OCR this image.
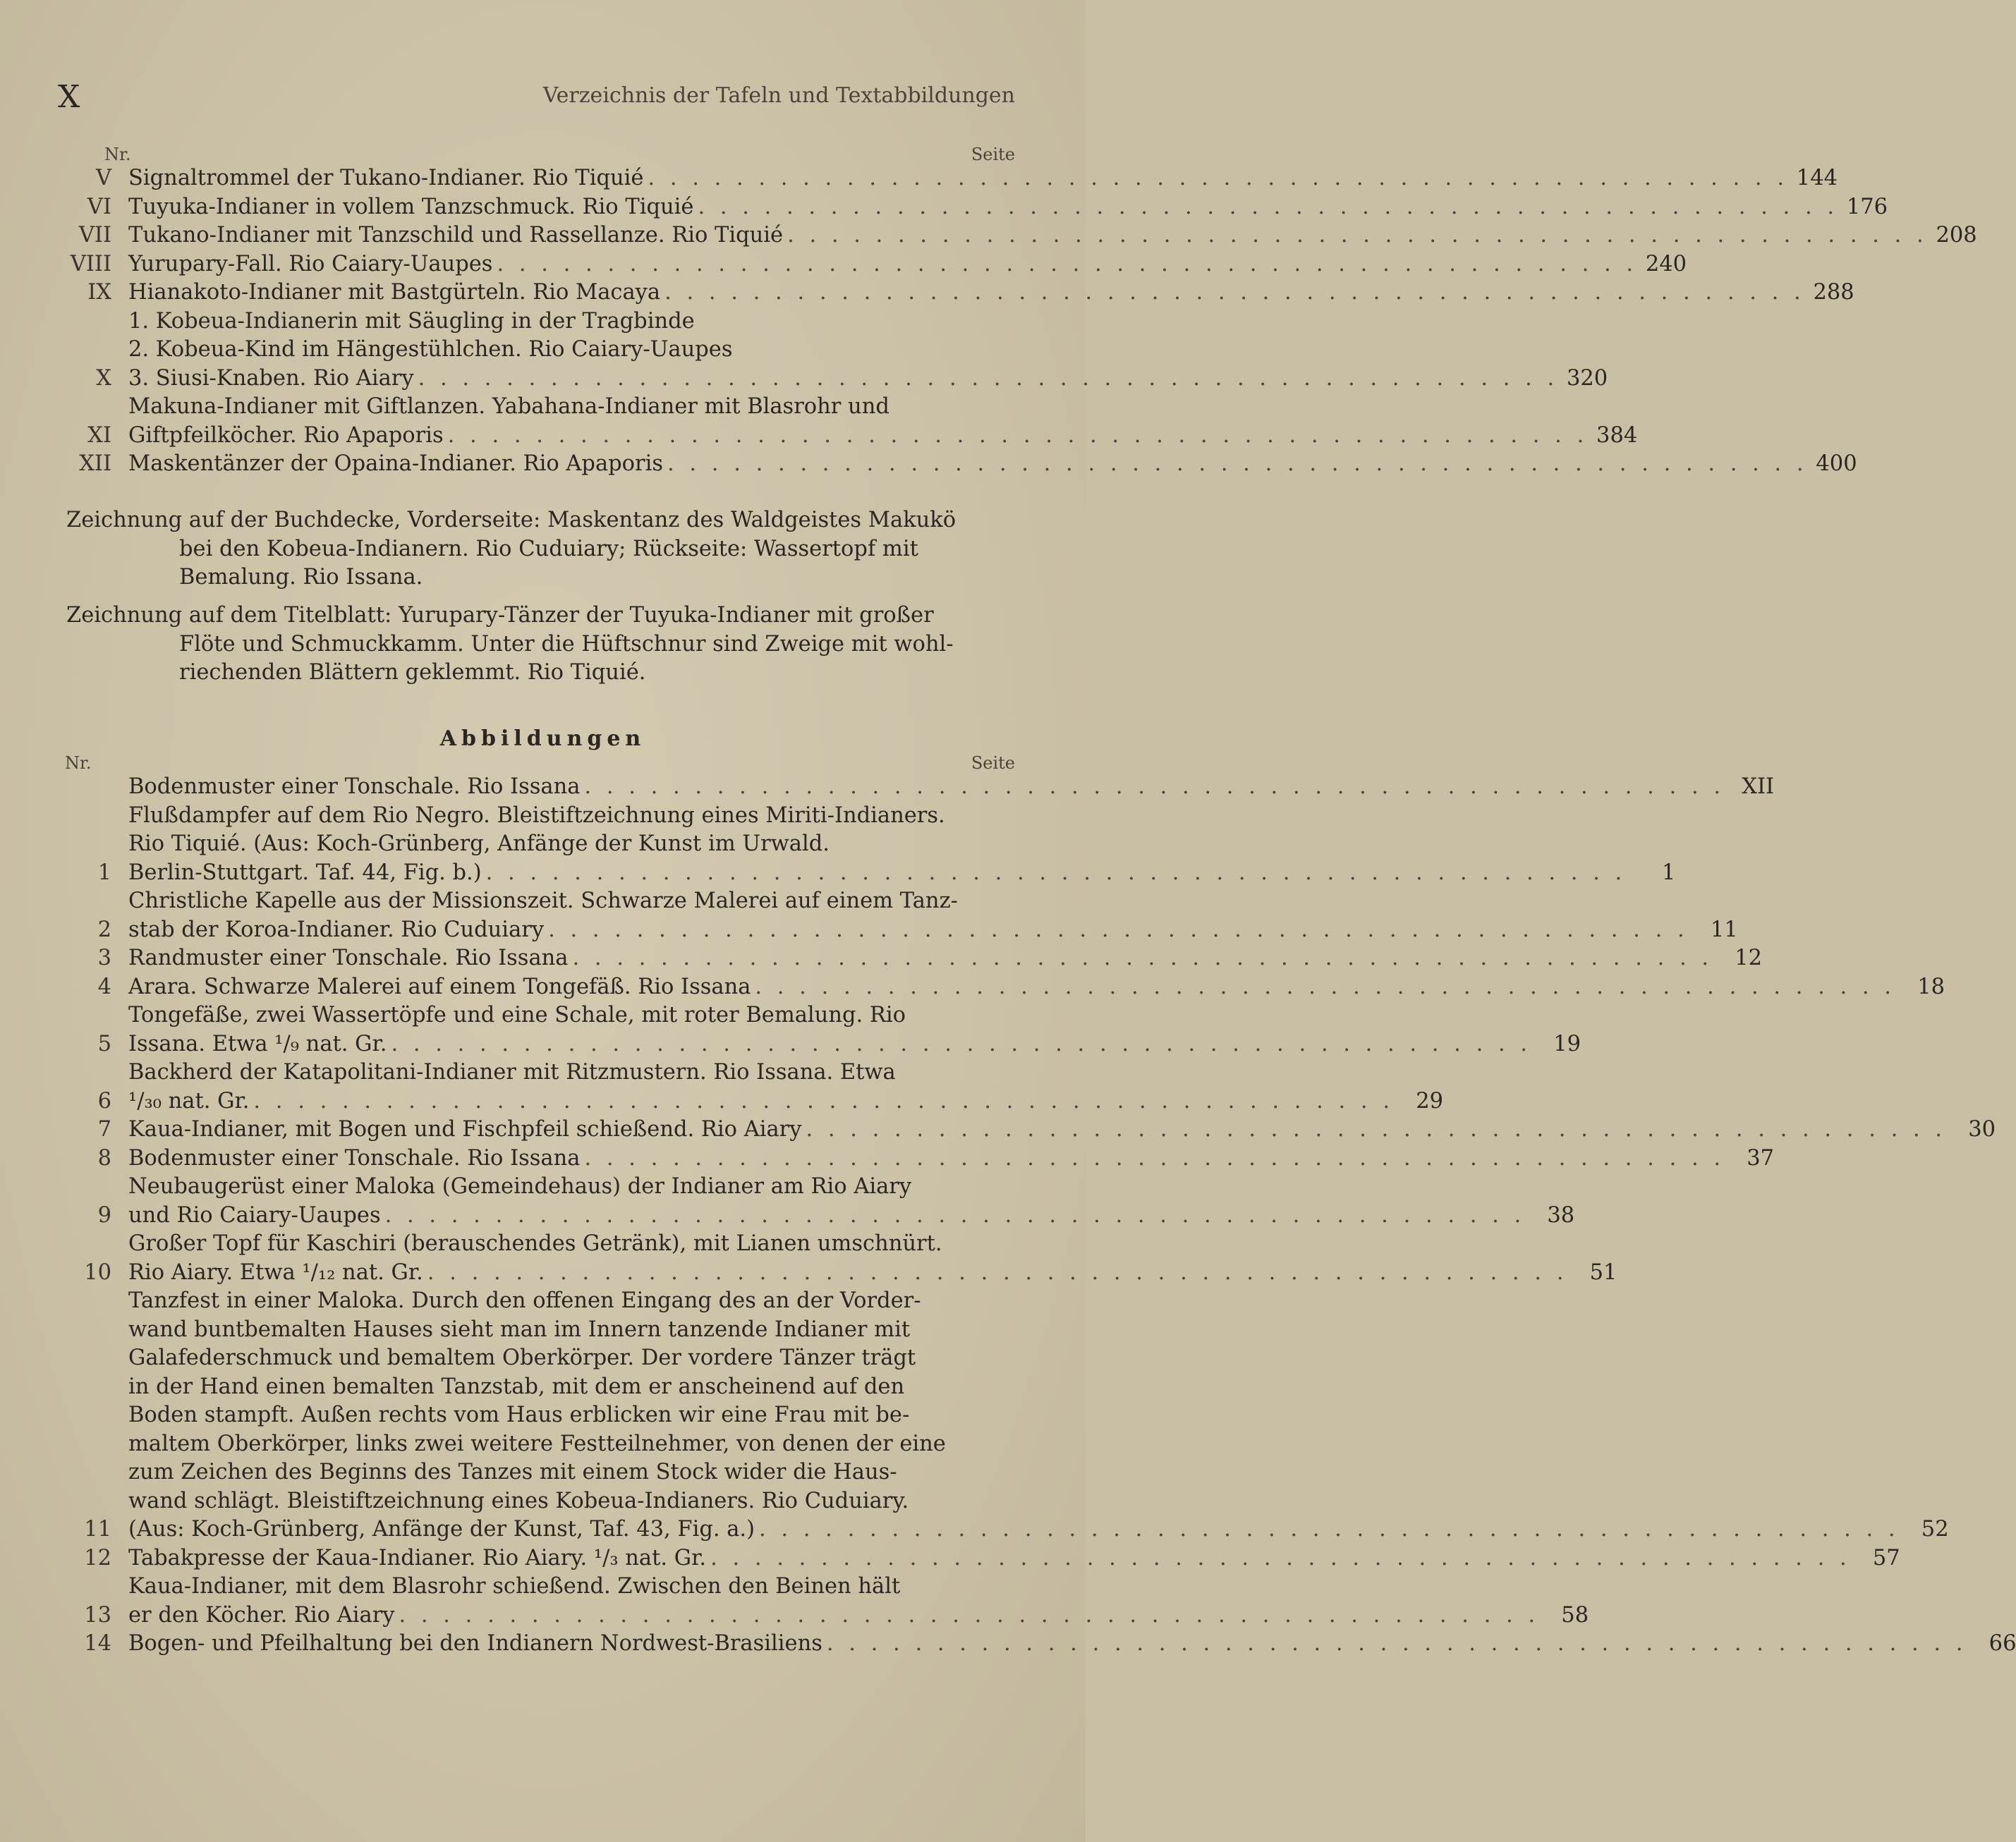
X	Verzeichnis der Tafeln und Textabbildungen
Nr.	Seite
V Signaltrommel der Tukano-Indianer. Rio Tiquié . . . . . . . . . . . . . . . . . . . . . . . . . . . . . . . . . . . . . . . . . . . . . . . . . . . . 144
VI Tuyuka-Indianer in vollem Tanzschmuck. Rio Tiquié . . . . . . . . . . . . . . . . . . . . . . . . . . . . . . . . . . . . . . . . . . . . . . . . . . . . 176
VII Tukano-Indianer mit Tanzschild und Rassellanze. Rio Tiquié . . . . . . . . . . . . . . . . . . . . . . . . . . . . . . . . . . . . . . . . . . . . . . . . . . . . 208
VIII Yurupary-Fall. Rio Caiary-Uaupes . . . . . . . . . . . . . . . . . . . . . . . . . . . . . . . . . . . . . . . . . . . . . . . . . . . . 240
IX Hianakoto-Indianer mit Bastgürteln. Rio Macaya . . . . . . . . . . . . . . . . . . . . . . . . . . . . . . . . . . . . . . . . . . . . . . . . . . . . 288
X
1. Kobeua-Indianerin mit Säugling in der Tragbinde
2. Kobeua-Kind im Hängestühlchen. Rio Caiary-Uaupes
3. Siusi-Knaben. Rio Aiary . . . . . . . . . . . . . . . . . . . . . . . . . . . . . . . . . . . . . . . . . . . . . . . . . . . . 320
XI
Makuna-Indianer mit Giftlanzen. Yabahana-Indianer mit Blasrohr und
Giftpfeilköcher. Rio Apaporis . . . . . . . . . . . . . . . . . . . . . . . . . . . . . . . . . . . . . . . . . . . . . . . . . . . . 384
XII Maskentänzer der Opaina-Indianer. Rio Apaporis . . . . . . . . . . . . . . . . . . . . . . . . . . . . . . . . . . . . . . . . . . . . . . . . . . . . 400
Zeichnung auf der Buchdecke, Vorderseite: Maskentanz des Waldgeistes Makukö
bei den Kobeua-Indianern. Rio Cuduiary; Rückseite: Wassertopf mit
Bemalung. Rio Issana.
Zeichnung auf dem Titelblatt: Yurupary-Tänzer der Tuyuka-Indianer mit großer
Flöte und Schmuckkamm. Unter die Hüftschnur sind Zweige mit wohl-
riechenden Blättern geklemmt. Rio Tiquié.
Abbildungen
Nr.	Seite
Bodenmuster einer Tonschale. Rio Issana . . . . . . . . . . . . . . . . . . . . . . . . . . . . . . . . . . . . . . . . . . . . . . . . . . . . XII
1
Flußdampfer auf dem Rio Negro. Bleistiftzeichnung eines Miriti-Indianers.
Rio Tiquié. (Aus: Koch-Grünberg, Anfänge der Kunst im Urwald.
Berlin-Stuttgart. Taf. 44, Fig. b.) . . . . . . . . . . . . . . . . . . . . . . . . . . . . . . . . . . . . . . . . . . . . . . . . . . . .	1
2
Christliche Kapelle aus der Missionszeit. Schwarze Malerei auf einem Tanz-
stab der Koroa-Indianer. Rio Cuduiary . . . . . . . . . . . . . . . . . . . . . . . . . . . . . . . . . . . . . . . . . . . . . . . . . . . .	11
3 Randmuster einer Tonschale. Rio Issana . . . . . . . . . . . . . . . . . . . . . . . . . . . . . . . . . . . . . . . . . . . . . . . . . . . .	12
4 Arara. Schwarze Malerei auf einem Tongefäß. Rio Issana . . . . . . . . . . . . . . . . . . . . . . . . . . . . . . . . . . . . . . . . . . . . . . . . . . . .	18
5
Tongefäße, zwei Wassertöpfe und eine Schale, mit roter Bemalung. Rio
Issana. Etwa ¹/₉ nat. Gr. . . . . . . . . . . . . . . . . . . . . . . . . . . . . . . . . . . . . . . . . . . . . . . . . . . . .	19
6
Backherd der Katapolitani-Indianer mit Ritzmustern. Rio Issana. Etwa
¹/₃₀ nat. Gr. . . . . . . . . . . . . . . . . . . . . . . . . . . . . . . . . . . . . . . . . . . . . . . . . . . . .	29
7 Kaua-Indianer, mit Bogen und Fischpfeil schießend. Rio Aiary . . . . . . . . . . . . . . . . . . . . . . . . . . . . . . . . . . . . . . . . . . . . . . . . . . . .	30
8 Bodenmuster einer Tonschale. Rio Issana . . . . . . . . . . . . . . . . . . . . . . . . . . . . . . . . . . . . . . . . . . . . . . . . . . . .	37
9
Neubaugerüst einer Maloka (Gemeindehaus) der Indianer am Rio Aiary
und Rio Caiary-Uaupes . . . . . . . . . . . . . . . . . . . . . . . . . . . . . . . . . . . . . . . . . . . . . . . . . . . .	38
10
Großer Topf für Kaschiri (berauschendes Getränk), mit Lianen umschnürt.
Rio Aiary. Etwa ¹/₁₂ nat. Gr. . . . . . . . . . . . . . . . . . . . . . . . . . . . . . . . . . . . . . . . . . . . . . . . . . . . .	51
11
Tanzfest in einer Maloka. Durch den offenen Eingang des an der Vorder-
wand buntbemalten Hauses sieht man im Innern tanzende Indianer mit
Galafederschmuck und bemaltem Oberkörper. Der vordere Tänzer trägt
in der Hand einen bemalten Tanzstab, mit dem er anscheinend auf den
Boden stampft. Außen rechts vom Haus erblicken wir eine Frau mit be-
maltem Oberkörper, links zwei weitere Festteilnehmer, von denen der eine
zum Zeichen des Beginns des Tanzes mit einem Stock wider die Haus-
wand schlägt. Bleistiftzeichnung eines Kobeua-Indianers. Rio Cuduiary.
(Aus: Koch-Grünberg, Anfänge der Kunst, Taf. 43, Fig. a.) . . . . . . . . . . . . . . . . . . . . . . . . . . . . . . . . . . . . . . . . . . . . . . . . . . . .	52
12 Tabakpresse der Kaua-Indianer. Rio Aiary. ¹/₃ nat. Gr. . . . . . . . . . . . . . . . . . . . . . . . . . . . . . . . . . . . . . . . . . . . . . . . . . . . .	57
13
Kaua-Indianer, mit dem Blasrohr schießend. Zwischen den Beinen hält
er den Köcher. Rio Aiary . . . . . . . . . . . . . . . . . . . . . . . . . . . . . . . . . . . . . . . . . . . . . . . . . . . .	58
14 Bogen- und Pfeilhaltung bei den Indianern Nordwest-Brasiliens . . . . . . . . . . . . . . . . . . . . . . . . . . . . . . . . . . . . . . . . . . . . . . . . . . . .	66
